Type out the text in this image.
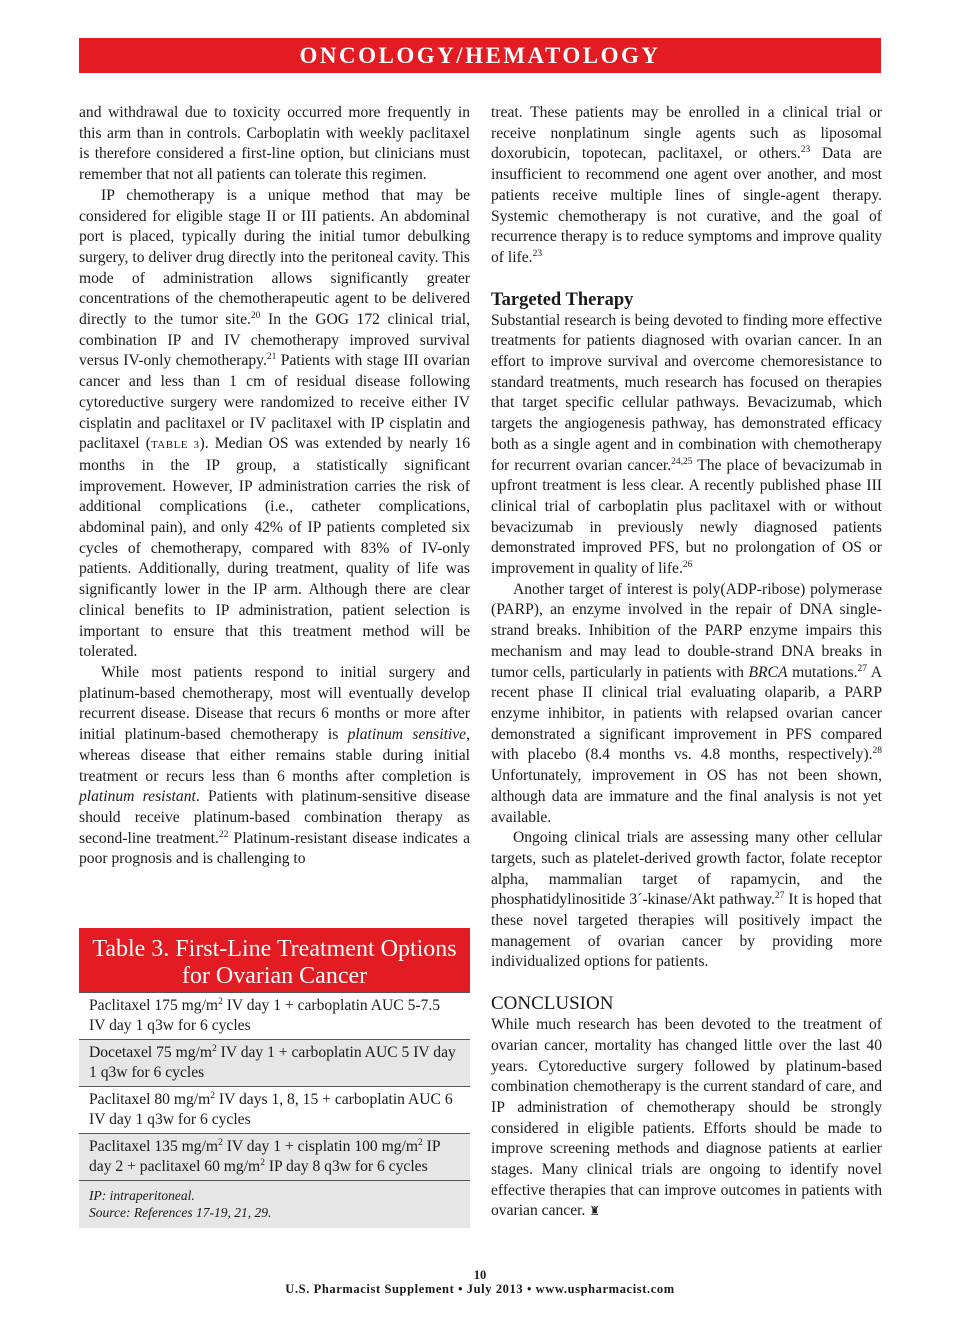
ONCOLOGY/HEMATOLOGY

and withdrawal due to toxicity occurred more frequently in this arm than in controls. Carboplatin with weekly paclitaxel is therefore considered a first-line option, but clinicians must remember that not all patients can tolerate this regimen.

IP chemotherapy is a unique method that may be considered for eligible stage II or III patients. An abdominal port is placed, typically during the initial tumor debulking surgery, to deliver drug directly into the peritoneal cavity. This mode of administration allows significantly greater concentrations of the chemotherapeutic agent to be delivered directly to the tumor site.$^{20}$ In the GOG 172 clinical trial, combination IP and IV chemotherapy improved survival versus IV-only chemotherapy.$^{21}$ Patients with stage III ovarian cancer and less than 1 cm of residual disease following cytoreductive surgery were randomized to receive either IV cisplatin and paclitaxel or IV paclitaxel with IP cisplatin and paclitaxel (TABLE 3). Median OS was extended by nearly 16 months in the IP group, a statistically significant improvement. However, IP administration carries the risk of additional complications (i.e., catheter complications, abdominal pain), and only 42% of IP patients completed six cycles of chemotherapy, compared with 83% of IV-only patients. Additionally, during treatment, quality of life was significantly lower in the IP arm. Although there are clear clinical benefits to IP administration, patient selection is important to ensure that this treatment method will be tolerated.

While most patients respond to initial surgery and platinum-based chemotherapy, most will eventually develop recurrent disease. Disease that recurs 6 months or more after initial platinum-based chemotherapy is platinum sensitive, whereas disease that either remains stable during initial treatment or recurs less than 6 months after completion is platinum resistant. Patients with platinum-sensitive disease should receive platinum-based combination therapy as second-line treatment.$^{22}$ Platinum-resistant disease indicates a poor prognosis and is challenging to

Table 3. First-Line Treatment Options for Ovarian Cancer
Paclitaxel 175 $mg/m^2$ IV day 1 + carboplatin AUC 5-7.5 IV day 1 q3w for 6 cycles
Docetaxel 75 $mg/m^2$ IV day 1 + carboplatin AUC 5 IV day 1 q3w for 6 cycles
Paclitaxel 80 $mg/m^2$ IV days 1, 8, 15 + carboplatin AUC 6 IV day 1 q3w for 6 cycles
Paclitaxel 135 $mg/m^2$ IV day 1 + cisplatin 100 $mg/m^2$ IP day 2 + paclitaxel 60 $mg/m^2$ IP day 8 q3w for 6 cycles
IP: intraperitoneal.
Source: References 17-19, 21, 29.

treat. These patients may be enrolled in a clinical trial or receive nonplatinum single agents such as liposomal doxorubicin, topotecan, paclitaxel, or others.$^{23}$ Data are insufficient to recommend one agent over another, and most patients receive multiple lines of single-agent therapy. Systemic chemotherapy is not curative, and the goal of recurrence therapy is to reduce symptoms and improve quality of life.$^{23}$

Targeted Therapy

Substantial research is being devoted to finding more effective treatments for patients diagnosed with ovarian cancer. In an effort to improve survival and overcome chemoresistance to standard treatments, much research has focused on therapies that target specific cellular pathways. Bevacizumab, which targets the angiogenesis pathway, has demonstrated efficacy both as a single agent and in combination with chemotherapy for recurrent ovarian cancer.$^{24,25}$ The place of bevacizumab in upfront treatment is less clear. A recently published phase III clinical trial of carboplatin plus paclitaxel with or without bevacizumab in previously newly diagnosed patients demonstrated improved PFS, but no prolongation of OS or improvement in quality of life.$^{26}$

Another target of interest is poly(ADP-ribose) polymerase (PARP), an enzyme involved in the repair of DNA single-strand breaks. Inhibition of the PARP enzyme impairs this mechanism and may lead to double-strand DNA breaks in tumor cells, particularly in patients with BRCA mutations.$^{27}$ A recent phase II clinical trial evaluating olaparib, a PARP enzyme inhibitor, in patients with relapsed ovarian cancer demonstrated a significant improvement in PFS compared with placebo (8.4 months vs. 4.8 months, respectively).$^{28}$ Unfortunately, improvement in OS has not been shown, although data are immature and the final analysis is not yet available.

Ongoing clinical trials are assessing many other cellular targets, such as platelet-derived growth factor, folate receptor alpha, mammalian target of rapamycin, and the phosphatidylinositide 3´-kinase/Akt pathway.$^{27}$ It is hoped that these novel targeted therapies will positively impact the management of ovarian cancer by providing more individualized options for patients.

CONCLUSION

While much research has been devoted to the treatment of ovarian cancer, mortality has changed little over the last 40 years. Cytoreductive surgery followed by platinum-based combination chemotherapy is the current standard of care, and IP administration of chemotherapy should be strongly considered in eligible patients. Efforts should be made to improve screening methods and diagnose patients at earlier stages. Many clinical trials are ongoing to identify novel effective therapies that can improve outcomes in patients with ovarian cancer. ♜

10
U.S. Pharmacist Supplement • July 2013 • www.uspharmacist.com
